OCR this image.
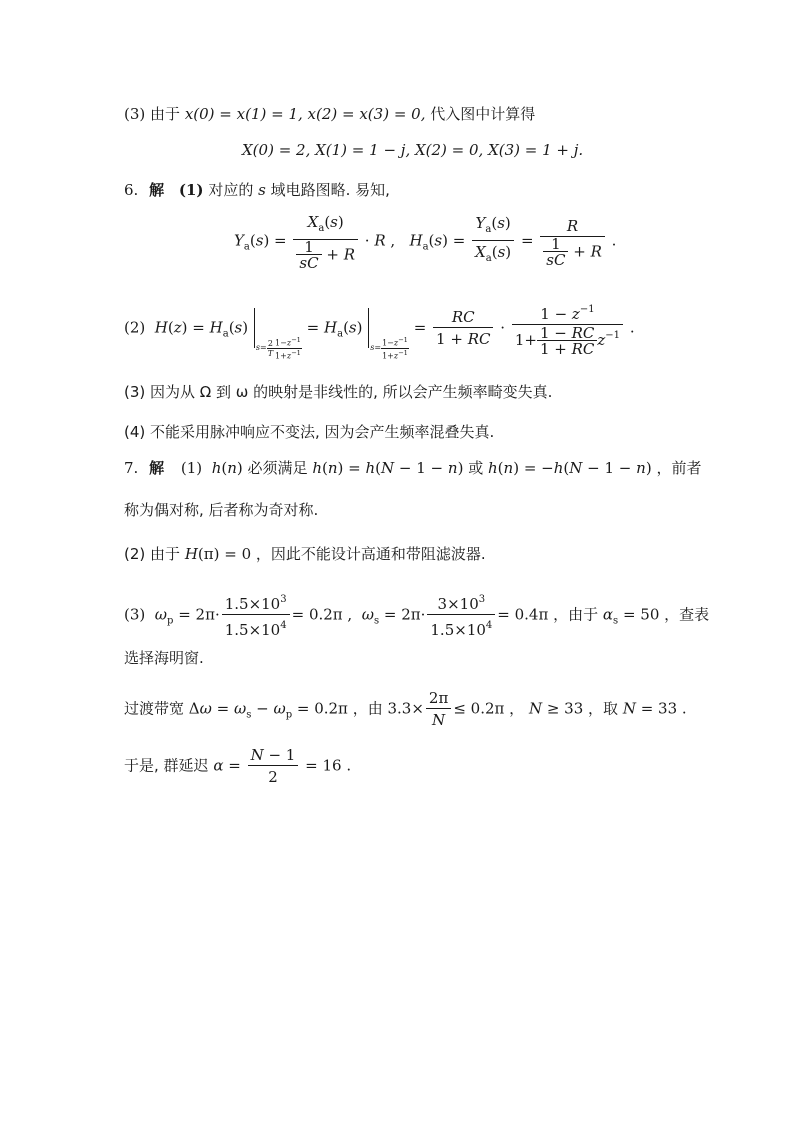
(3) 由于 x(0) = x(1) = 1, x(2) = x(3) = 0, 代入图中计算得
X(0) = 2, X(1) = 1 − j, X(2) = 0, X(3) = 1 + j.
6. 解 (1) 对应的 s 域电路图略. 易知,
$Y_a(s) = \frac{X_a(s)}{\frac{1}{sC} + R} \cdot R$ ,   $H_a(s) = \frac{Y_a(s)}{X_a(s)} = \frac{R}{\frac{1}{sC} + R}$ .
(2) $H(z) = H_a(s)$ $s= \frac{2}{T} \frac{1-z^{-1}}{1+z^{-1}}$
= $H_a(s)$ $s= \frac{1-z^{-1}}{1+z^{-1}}$
= $\frac{RC}{1 + RC} \cdot \frac{1 - z^{-1}}{1+ \frac{1 - RC}{1 + RC} z^{-1}}$ .
(3) 因为从 Ω 到 ω 的映射是非线性的, 所以会产生频率畸变失真.
(4) 不能采用脉冲响应不变法, 因为会产生频率混叠失真.
7. 解 (1) h(n) 必须满足 h(n) = h(N − 1 − n) 或 h(n) = −h(N − 1 − n) ，前者
称为偶对称, 后者称为奇对称.
(2) 由于 H(π) = 0 ，因此不能设计高通和带阻滤波器.
(3) $\omega_p = 2\pi\cdot \frac{1.5\times 10^3}{1.5\times 10^4} = 0.2\pi$ ,  $\omega_s = 2\pi\cdot \frac{3\times 10^3}{1.5\times 10^4} = 0.4\pi$ ，由于 $\alpha_s = 50$ ，查表
选择海明窗.
过渡带宽 $\Delta\omega = \omega_s - \omega_p = 0.2\pi$ ，由 $3.3\times \frac{2\pi}{N} \le 0.2\pi$ ， N ≥ 33 ，取 N = 33 .
于是, 群延迟 $\alpha = \frac{N - 1}{2} = 16$ .
